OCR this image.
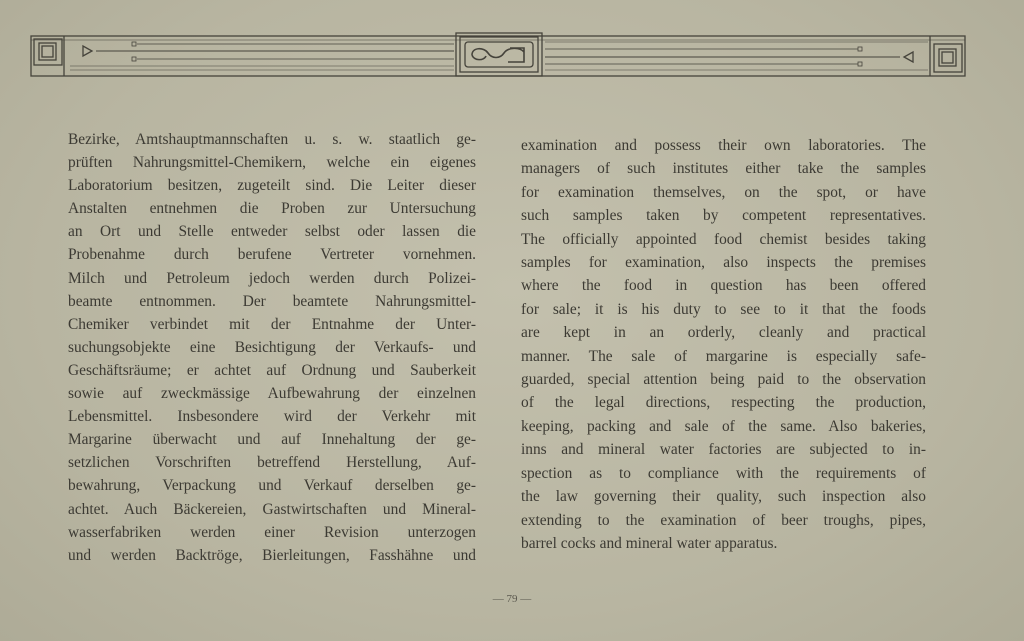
Bezirke, Amtshauptmannschaften u. s. w. staatlich ge-
prüften Nahrungsmittel-Chemikern, welche ein eigenes
Laboratorium besitzen, zugeteilt sind. Die Leiter dieser
Anstalten entnehmen die Proben zur Untersuchung
an Ort und Stelle entweder selbst oder lassen die
Probenahme durch berufene Vertreter vornehmen.
Milch und Petroleum jedoch werden durch Polizei-
beamte entnommen. Der beamtete Nahrungsmittel-
Chemiker verbindet mit der Entnahme der Unter-
suchungsobjekte eine Besichtigung der Verkaufs- und
Geschäftsräume; er achtet auf Ordnung und Sauberkeit
sowie auf zweckmässige Aufbewahrung der einzelnen
Lebensmittel. Insbesondere wird der Verkehr mit
Margarine überwacht und auf Innehaltung der ge-
setzlichen Vorschriften betreffend Herstellung, Auf-
bewahrung, Verpackung und Verkauf derselben ge-
achtet. Auch Bäckereien, Gastwirtschaften und Mineral-
wasserfabriken werden einer Revision unterzogen
und werden Backtröge, Bierleitungen, Fasshähne und
examination and possess their own laboratories. The
managers of such institutes either take the samples
for examination themselves, on the spot, or have
such samples taken by competent representatives.
The officially appointed food chemist besides taking
samples for examination, also inspects the premises
where the food in question has been offered
for sale; it is his duty to see to it that the foods
are kept in an orderly, cleanly and practical
manner. The sale of margarine is especially safe-
guarded, special attention being paid to the observation
of the legal directions, respecting the production,
keeping, packing and sale of the same. Also bakeries,
inns and mineral water factories are subjected to in-
spection as to compliance with the requirements of
the law governing their quality, such inspection also
extending to the examination of beer troughs, pipes,
barrel cocks and mineral water apparatus.
— 79 —
